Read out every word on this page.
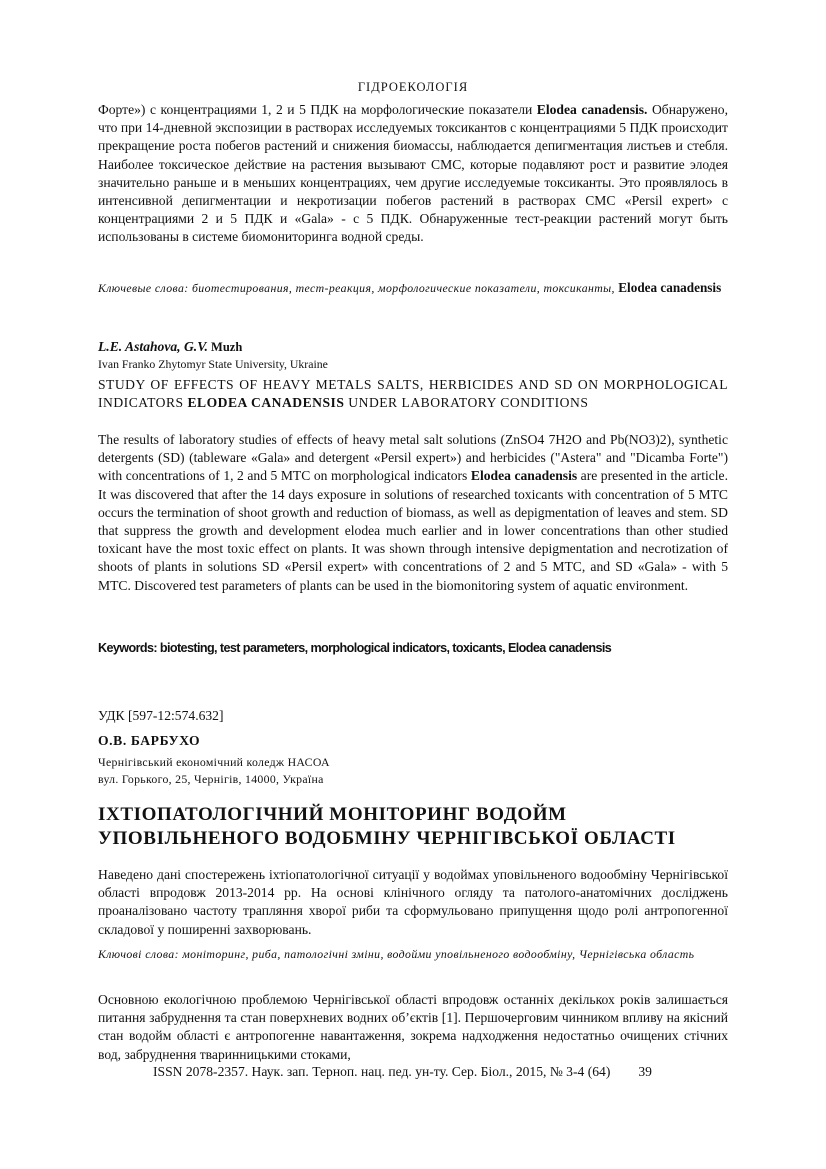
ГІДРОЕКОЛОГІЯ

Форте») с концентрациями 1, 2 и 5 ПДК на морфологические показатели Elodea canadensis. Обнаружено, что при 14-дневной экспозиции в растворах исследуемых токсикантов с концентрациями 5 ПДК происходит прекращение роста побегов растений и снижения биомассы, наблюдается депигментация листьев и стебля. Наиболее токсическое действие на растения вызывают СМС, которые подавляют рост и развитие элодея значительно раньше и в меньших концентрациях, чем другие исследуемые токсиканты. Это проявлялось в интенсивной депигментации и некротизации побегов растений в растворах СМС «Persil expert» с концентрациями 2 и 5 ПДК и «Gala» - с 5 ПДК. Обнаруженные тест-реакции растений могут быть использованы в системе биомониторинга водной среды.

Ключевые слова: биотестирования, тест-реакция, морфологические показатели, токсиканты, Elodea canadensis

L.E. Astahova, G.V. Muzh

Ivan Franko Zhytomyr State University, Ukraine

STUDY OF EFFECTS OF HEAVY METALS SALTS, HERBICIDES AND SD ON MORPHOLOGICAL INDICATORS ELODEA CANADENSIS UNDER LABORATORY CONDITIONS

The results of laboratory studies of effects of heavy metal salt solutions (ZnSO4 7H2O and Pb(NO3)2), synthetic detergents (SD) (tableware «Gala» and detergent «Persil expert») and herbicides ("Astera" and "Dicamba Forte") with concentrations of 1, 2 and 5 MTC on morphological indicators Elodea canadensis are presented in the article. It was discovered that after the 14 days exposure in solutions of researched toxicants with concentration of 5 MTC occurs the termination of shoot growth and reduction of biomass, as well as depigmentation of leaves and stem. SD that suppress the growth and development elodea much earlier and in lower concentrations than other studied toxicant have the most toxic effect on plants. It was shown through intensive depigmentation and necrotization of shoots of plants in solutions SD «Persil expert» with concentrations of 2 and 5 MTC, and SD «Gala» - with 5 MTC. Discovered test parameters of plants can be used in the biomonitoring system of aquatic environment.

Keywords: biotesting, test parameters, morphological indicators, toxicants, Elodea canadensis

УДК [597-12:574.632]

О.В. БАРБУХО

Чернігівський економічний коледж НАСОА
вул. Горького, 25, Чернігів, 14000, Україна
ІХТІОПАТОЛОГІЧНИЙ МОНІТОРИНГ ВОДОЙМ
УПОВІЛЬНЕНОГО ВОДОБМІНУ ЧЕРНІГІВСЬКОЇ ОБЛАСТІ

Наведено дані спостережень іхтіопатологічної ситуації у водоймах уповільненого водообміну Чернігівської області впродовж 2013-2014 рр. На основі клінічного огляду та патолого-анатомічних досліджень проаналізовано частоту трапляння хворої риби та сформульовано припущення щодо ролі антропогенної складової у поширенні захворювань.

Ключові слова: моніторинг, риба, патологічні зміни, водойми уповільненого водообміну, Чернігівська область

Основною екологічною проблемою Чернігівської області впродовж останніх декількох років залишається питання забруднення та стан поверхневих водних об’єктів [1]. Першочерговим чинником впливу на якісний стан водойм області є антропогенне навантаження, зокрема надходження недостатньо очищених стічних вод, забруднення тваринницькими стоками,

ISSN 2078-2357. Наук. зап. Терноп. нац. пед. ун-ту. Сер. Біол., 2015, № 3-4 (64) 39
